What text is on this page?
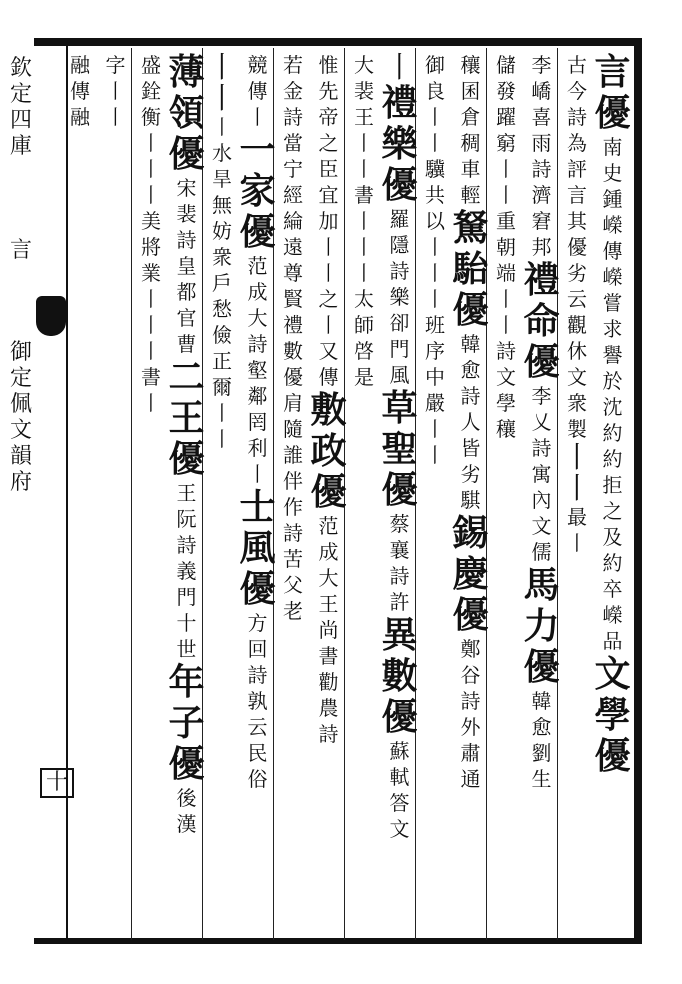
欽
定
四
庫
言
御
定
佩
文
韻
府
十
言
優
南
史
鍾
嶸
傳
嶸
嘗
求
譽
於
沈
約
約
拒
之
及
約
卒
嶸
品
文
學
優
古
今
詩
為
評
言
其
優
劣
云
觀
休
文
衆
製
丨
丨
最
丨
李
嶠
喜
雨
詩
濟
窘
邦
禮
命
優
李
乂
詩
寓
內
文
儒
馬
力
優
韓
愈
劉
生
儲
發
躍
窮
丨
丨
重
朝
端
丨
丨
詩
文
學
穰
穰
囷
倉
稠
車
輕
駑
駘
優
韓
愈
詩
人
皆
劣
騏
錫
慶
優
鄭
谷
詩
外
肅
通
御
良
丨
丨
驥
共
以
丨
丨
丨
班
序
中
嚴
丨
丨
丨
禮
樂
優
羅
隱
詩
樂
卻
門
風
草
聖
優
蔡
襄
詩
許
異
數
優
蘇
軾
答
文
大
裴
王
丨
丨
書
丨
丨
丨
太
師
啓
是
惟
先
帝
之
臣
宜
加
丨
丨
之
丨
又
傳
敷
政
優
范
成
大
王
尚
書
勸
農
詩
若
金
詩
當
宁
經
綸
遠
尊
賢
禮
數
優
肩
隨
誰
伴
作
詩
苦
父
老
競
傳
丨
一
家
優
范
成
大
詩
壑
鄰
罔
利
丨
士
風
優
方
回
詩
孰
云
民
俗
丨
丨
丨
水
旱
無
妨
衆
戶
愁
儉
正
爾
丨
丨
薄
領
優
宋
裴
詩
皇
都
官
曹
二
王
優
王
阮
詩
義
門
十
世
年
子
優
後
漢
盛
銓
衡
丨
丨
丨
美
將
業
丨
丨
丨
書
丨
字
丨
丨
融
傳
融
